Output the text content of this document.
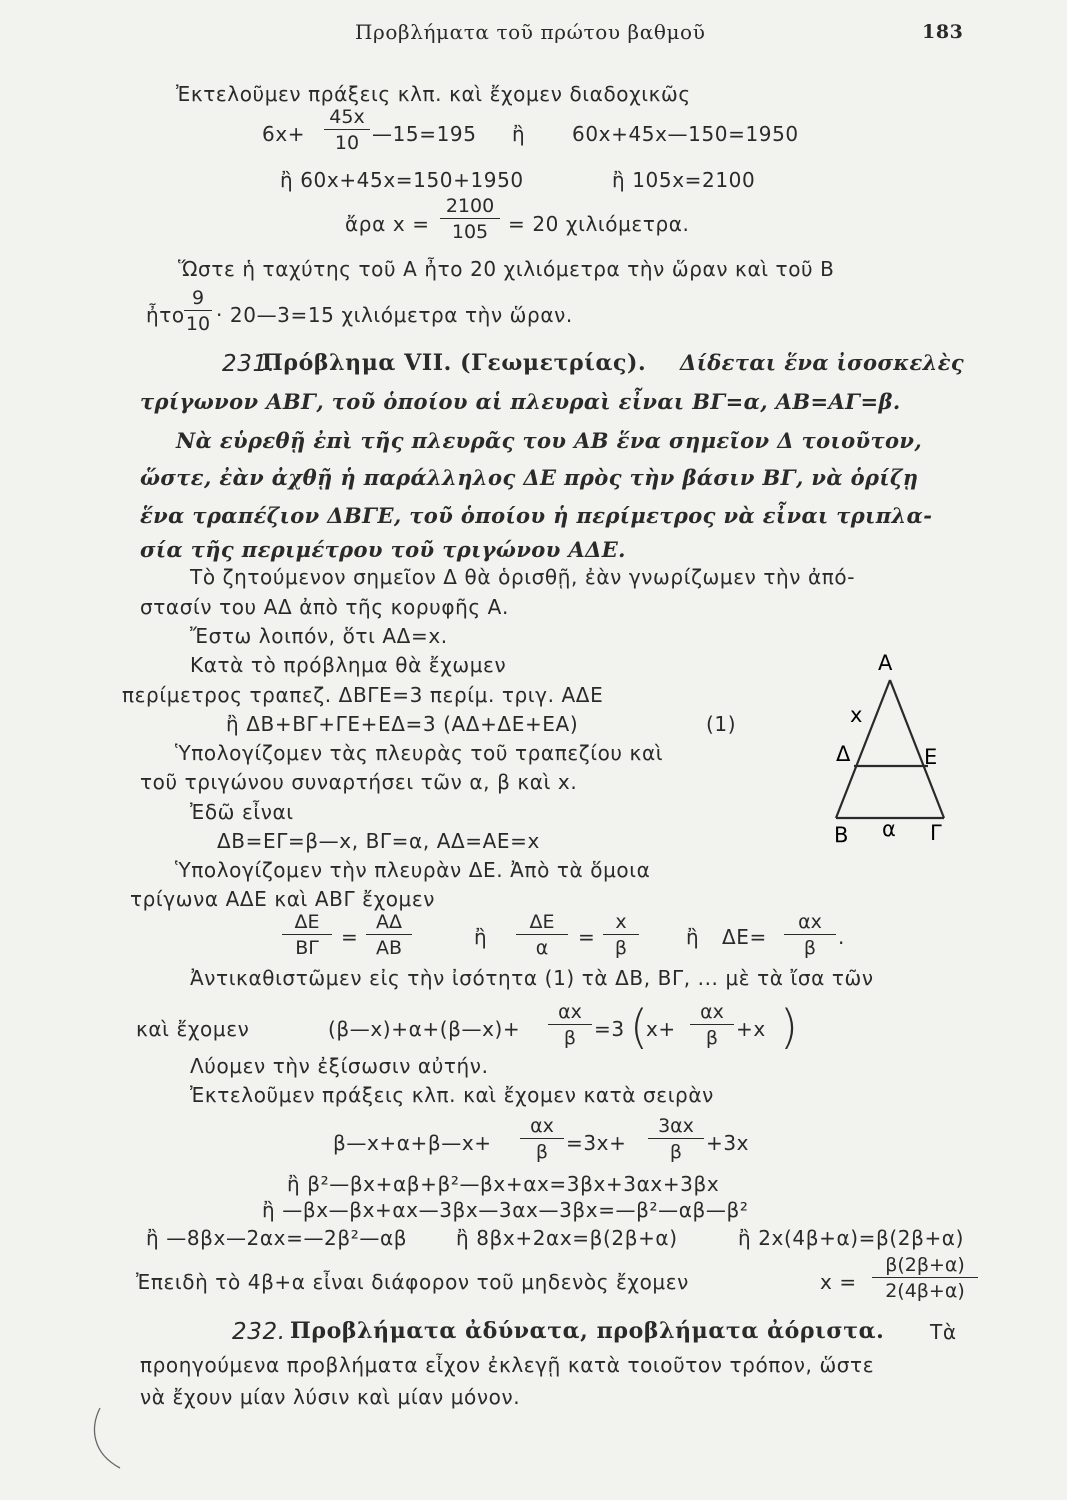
Προβλήματα τοῦ πρώτου βαθμοῦ	183
Ἐκτελοῦμεν πράξεις κλπ. καὶ ἔχομεν διαδοχικῶς
6x+
45x
10 —15=195 ἢ 60x+45x—150=1950
ἢ 60x+45x=150+1950	ἢ 105x=2100
ἄρα x =
2100
105 = 20 χιλιόμετρα.
Ὥστε ἡ ταχύτης τοῦ Α ἦτο 20 χιλιόμετρα τὴν ὥραν καὶ τοῦ Β
ἦτο
9
10 · 20—3=15 χιλιόμετρα τὴν ὥραν.
231.
Πρόβλημα VII. (Γεωμετρίας). Δίδεται ἕνα ἰσοσκελὲς
τρίγωνον ΑΒΓ, τοῦ ὁποίου αἱ πλευραὶ εἶναι ΒΓ=α, ΑΒ=ΑΓ=β.
Νὰ εὑρεθῇ ἐπὶ τῆς πλευρᾶς του ΑΒ ἕνα σημεῖον Δ τοιοῦτον,
ὥστε, ἐὰν ἀχθῇ ἡ παράλληλος ΔΕ πρὸς τὴν βάσιν ΒΓ, νὰ ὁρίζῃ
ἕνα τραπέζιον ΔΒΓΕ, τοῦ ὁποίου ἡ περίμετρος νὰ εἶναι τριπλα-
σία τῆς περιμέτρου τοῦ τριγώνου ΑΔΕ.
Τὸ ζητούμενον σημεῖον Δ θὰ ὁρισθῇ, ἐὰν γνωρίζωμεν τὴν ἀπό-
στασίν του ΑΔ ἀπὸ τῆς κορυφῆς Α.
Ἔστω λοιπόν, ὅτι ΑΔ=x.
Κατὰ τὸ πρόβλημα θὰ ἔχωμεν
περίμετρος τραπεζ. ΔΒΓΕ=3 περίμ. τριγ. ΑΔΕ
ἢ ΔΒ+ΒΓ+ΓΕ+ΕΔ=3 (ΑΔ+ΔΕ+ΕΑ)	(1)
Ὑπολογίζομεν τὰς πλευρὰς τοῦ τραπεζίου καὶ
τοῦ τριγώνου συναρτήσει τῶν α, β καὶ x.
Ἐδῶ εἶναι
ΔΒ=ΕΓ=β—x, ΒΓ=α, ΑΔ=ΑΕ=x
Ὑπολογίζομεν τὴν πλευρὰν ΔΕ. Ἀπὸ τὰ ὅμοια
τρίγωνα ΑΔΕ καὶ ΑΒΓ ἔχομεν
ΔΕ
ΒΓ	=
ΑΔ
ΑΒ	ἢ
ΔΕ
α	=
x
β	ἢ ΔΕ=
αx
β	.
Ἀντικαθιστῶμεν εἰς τὴν ἰσότητα (1) τὰ ΔΒ, ΒΓ, ... μὲ τὰ ἴσα τῶν
καὶ ἔχομεν	(β—x)+α+(β—x)+
αx
β =3 (
x+
αx
β +x )
Λύομεν τὴν ἐξίσωσιν αὐτήν.
Ἐκτελοῦμεν πράξεις κλπ. καὶ ἔχομεν κατὰ σειρὰν
β—x+α+β—x+
αx
β =3x+
3αx
β	+3x
ἢ β²—βx+αβ+β²—βx+αx=3βx+3αx+3βx
ἢ —βx—βx+αx—3βx—3αx—3βx=—β²—αβ—β²
ἢ —8βx—2αx=—2β²—αβ ἢ 8βx+2αx=β(2β+α)	ἢ 2x(4β+α)=β(2β+α)
Ἐπειδὴ τὸ 4β+α εἶναι διάφορον τοῦ μηδενὸς ἔχομεν	x =
β(2β+α)
2(4β+α)
232. Προβλήματα ἀδύνατα, προβλήματα ἀόριστα. Τὰ
προηγούμενα προβλήματα εἶχον ἐκλεγῇ κατὰ τοιοῦτον τρόπον, ὥστε
νὰ ἔχουν μίαν λύσιν καὶ μίαν μόνον.
Α
x
Δ	Ε
Β α Γ
